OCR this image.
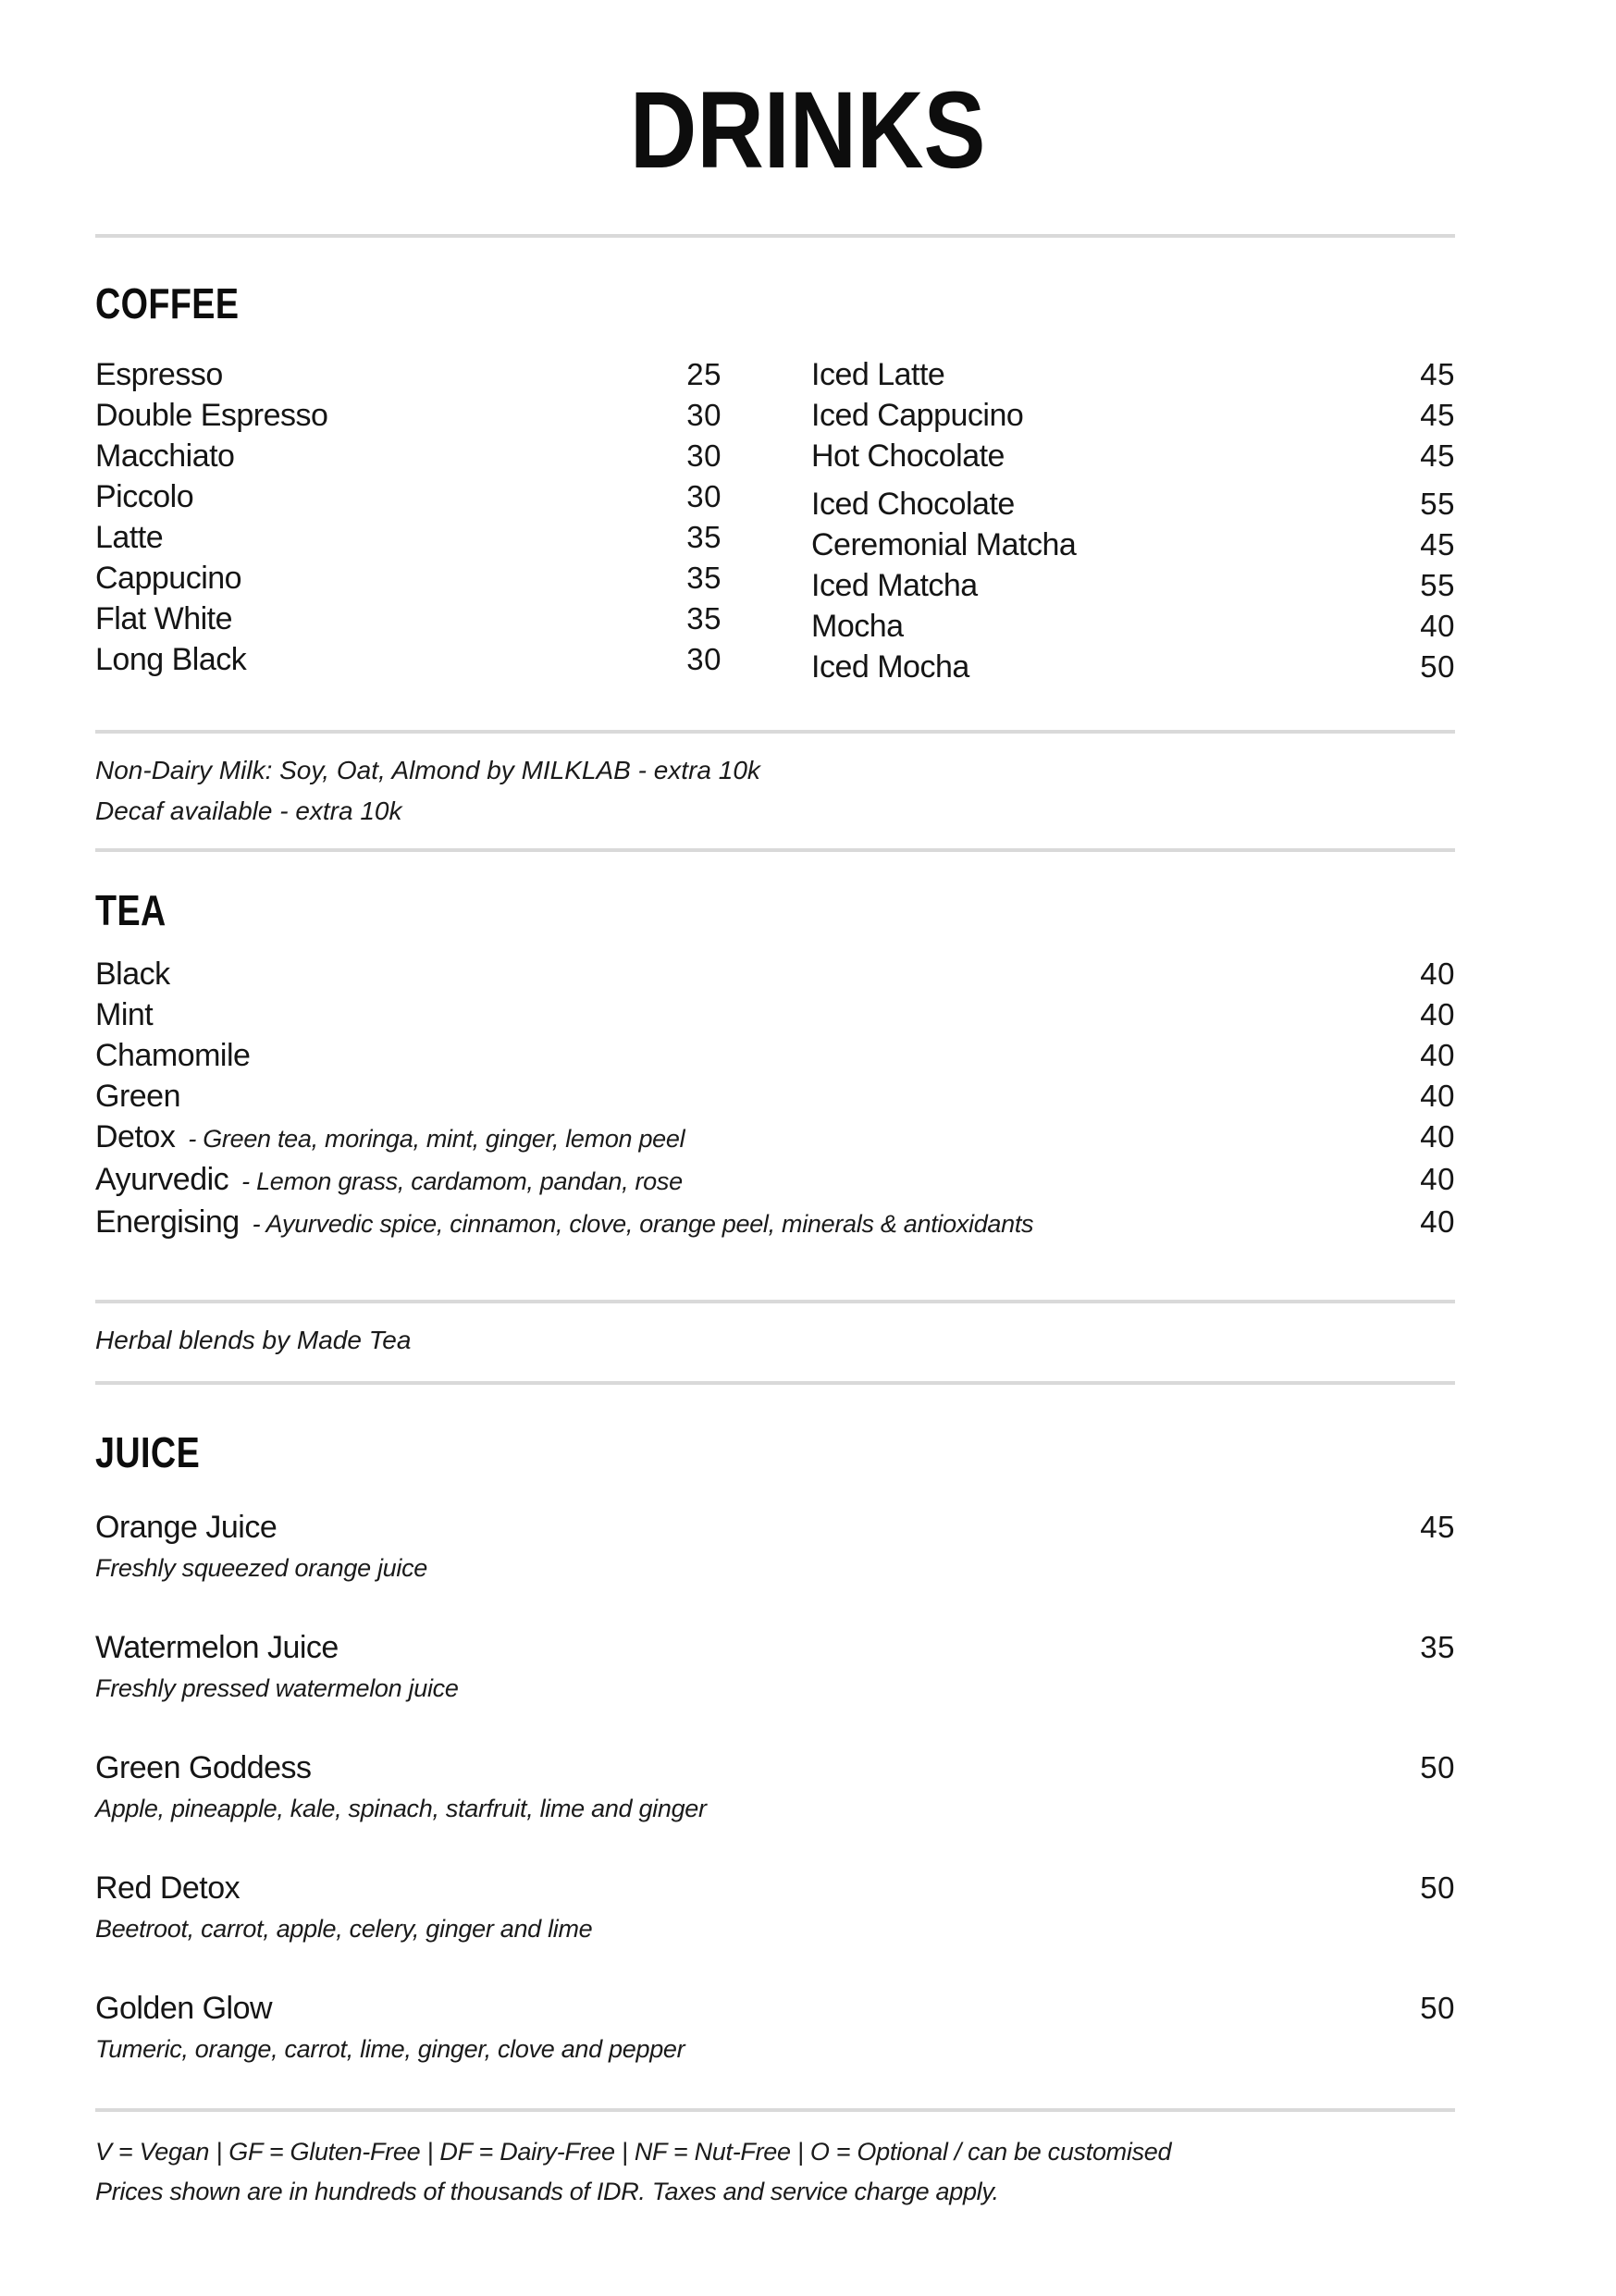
DRINKS
COFFEE
Espresso	25
Double Espresso	30
Macchiato	30
Piccolo	30
Latte	35
Cappucino	35
Flat White	35
Long Black	30
Iced Latte	45
Iced Cappucino	45
Hot Chocolate	45
Iced Chocolate	55
Ceremonial Matcha	45
Iced Matcha	55
Mocha	40
Iced Mocha	50
Non-Dairy Milk: Soy, Oat, Almond by MILKLAB - extra 10k
Decaf available - extra 10k
TEA
Black	40
Mint	40
Chamomile	40
Green	40
Detox - Green tea, moringa, mint, ginger, lemon peel	40
Ayurvedic - Lemon grass, cardamom, pandan, rose	40
Energising - Ayurvedic spice, cinnamon, clove, orange peel, minerals & antioxidants	40
Herbal blends by Made Tea
JUICE
Orange Juice	45
Freshly squeezed orange juice
Watermelon Juice	35
Freshly pressed watermelon juice
Green Goddess	50
Apple, pineapple, kale, spinach, starfruit, lime and ginger
Red Detox	50
Beetroot, carrot, apple, celery, ginger and lime
Golden Glow	50
Tumeric, orange, carrot, lime, ginger, clove and pepper
V = Vegan | GF = Gluten-Free | DF = Dairy-Free | NF = Nut-Free | O = Optional / can be customised
Prices shown are in hundreds of thousands of IDR. Taxes and service charge apply.
